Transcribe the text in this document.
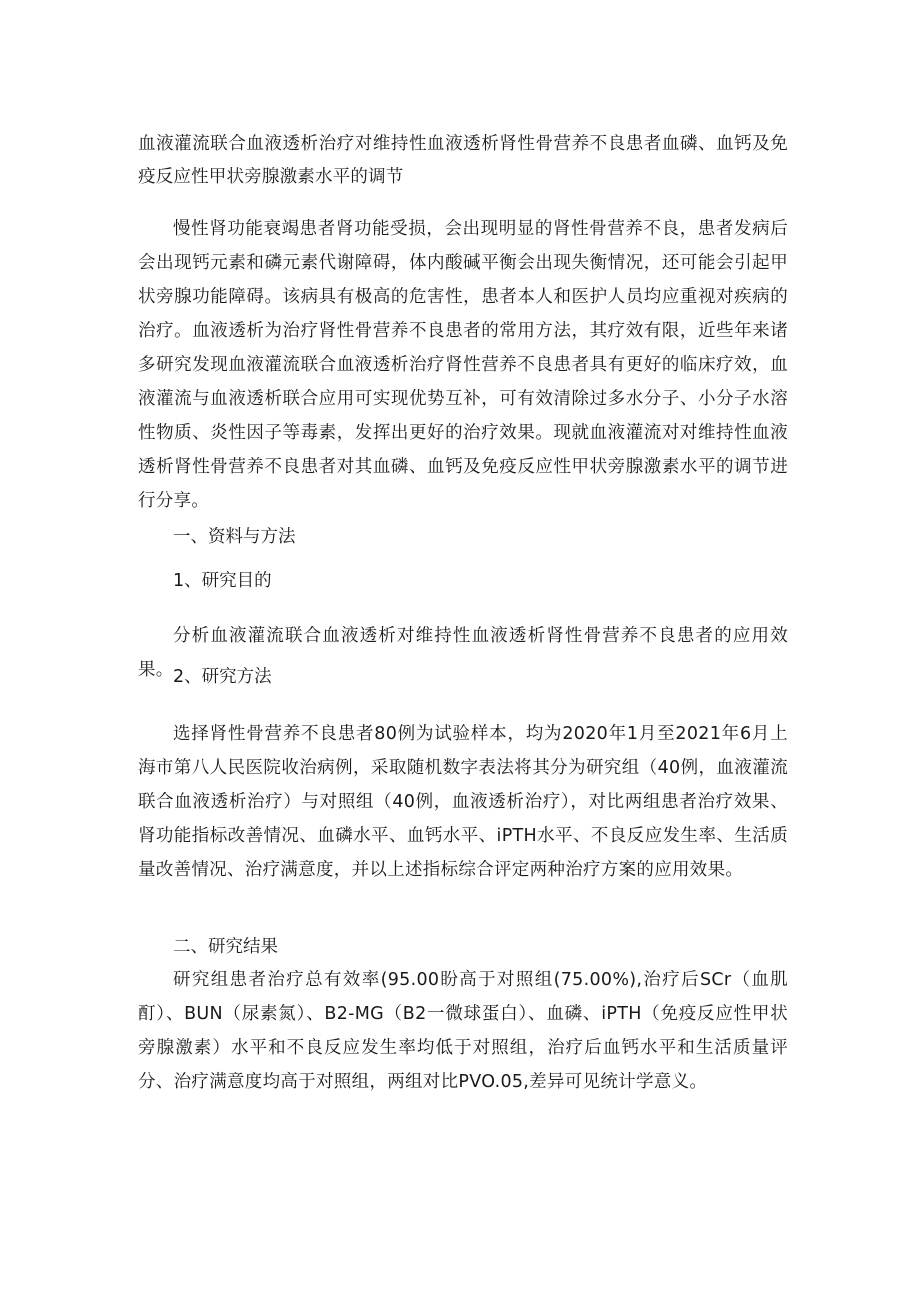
血液灌流联合血液透析治疗对维持性血液透析肾性骨营养不良患者血磷、血钙及免疫反应性甲状旁腺激素水平的调节

慢性肾功能衰竭患者肾功能受损，会出现明显的肾性骨营养不良，患者发病后会出现钙元素和磷元素代谢障碍，体内酸碱平衡会出现失衡情况，还可能会引起甲状旁腺功能障碍。该病具有极高的危害性，患者本人和医护人员均应重视对疾病的治疗。血液透析为治疗肾性骨营养不良患者的常用方法，其疗效有限，近些年来诸多研究发现血液灌流联合血液透析治疗肾性营养不良患者具有更好的临床疗效，血液灌流与血液透析联合应用可实现优势互补，可有效清除过多水分子、小分子水溶性物质、炎性因子等毒素，发挥出更好的治疗效果。现就血液灌流对对维持性血液透析肾性骨营养不良患者对其血磷、血钙及免疫反应性甲状旁腺激素水平的调节进行分享。

一、资料与方法
1、研究目的

分析血液灌流联合血液透析对维持性血液透析肾性骨营养不良患者的应用效果。 2、研究方法

选择肾性骨营养不良患者80例为试验样本，均为2020年1月至2021年6月上海市第八人民医院收治病例，采取随机数字表法将其分为研究组（40例，血液灌流联合血液透析治疗）与对照组（40例，血液透析治疗），对比两组患者治疗效果、肾功能指标改善情况、血磷水平、血钙水平、iPTH水平、不良反应发生率、生活质量改善情况、治疗满意度，并以上述指标综合评定两种治疗方案的应用效果。

二、研究结果

研究组患者治疗总有效率(95.00盼高于对照组(75.00%),治疗后SCr（血肌酊）、BUN（尿素氮）、B2-MG（B2一微球蛋白）、血磷、iPTH（免疫反应性甲状旁腺激素）水平和不良反应发生率均低于对照组，治疗后血钙水平和生活质量评分、治疗满意度均高于对照组，两组对比PVO.05,差异可见统计学意义。
